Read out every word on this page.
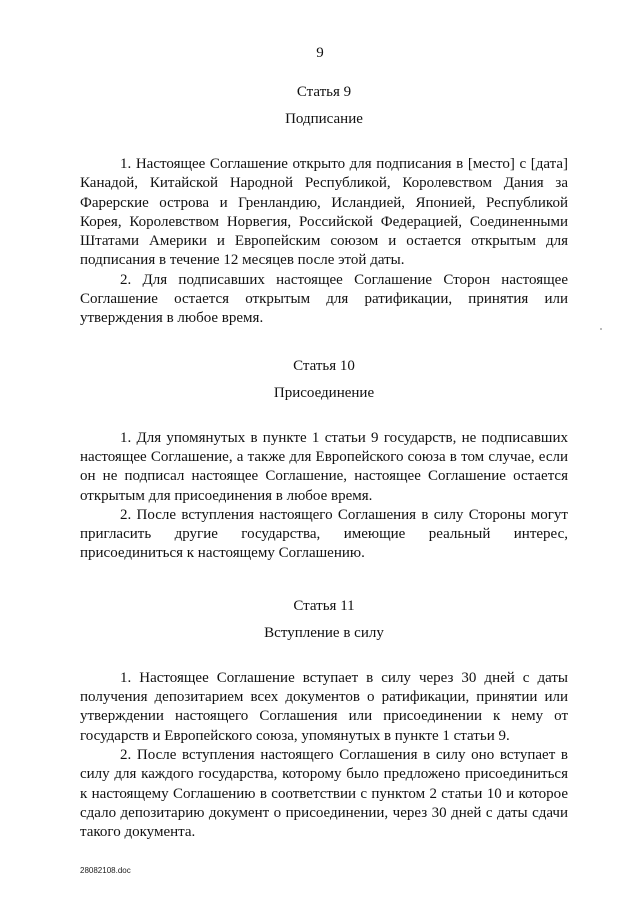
9

Статья 9

Подписание

1. Настоящее Соглашение открыто для подписания в [место] с [дата] Канадой, Китайской Народной Республикой, Королевством Дания за Фарерские острова и Гренландию, Исландией, Японией, Республикой Корея, Королевством Норвегия, Российской Федерацией, Соединенными Штатами Америки и Европейским союзом и остается открытым для подписания в течение 12 месяцев после этой даты.

2. Для подписавших настоящее Соглашение Сторон настоящее Соглашение остается открытым для ратификации, принятия или утверждения в любое время.

Статья 10

Присоединение

1. Для упомянутых в пункте 1 статьи 9 государств, не подписавших настоящее Соглашение, а также для Европейского союза в том случае, если он не подписал настоящее Соглашение, настоящее Соглашение остается открытым для присоединения в любое время.

2. После вступления настоящего Соглашения в силу Стороны могут пригласить другие государства, имеющие реальный интерес, присоединиться к настоящему Соглашению.

Статья 11

Вступление в силу

1. Настоящее Соглашение вступает в силу через 30 дней с даты получения депозитарием всех документов о ратификации, принятии или утверждении настоящего Соглашения или присоединении к нему от государств и Европейского союза, упомянутых в пункте 1 статьи 9.

2. После вступления настоящего Соглашения в силу оно вступает в силу для каждого государства, которому было предложено присоединиться к настоящему Соглашению в соответствии с пунктом 2 статьи 10 и которое сдало депозитарию документ о присоединении, через 30 дней с даты сдачи такого документа.

28082108.doc
